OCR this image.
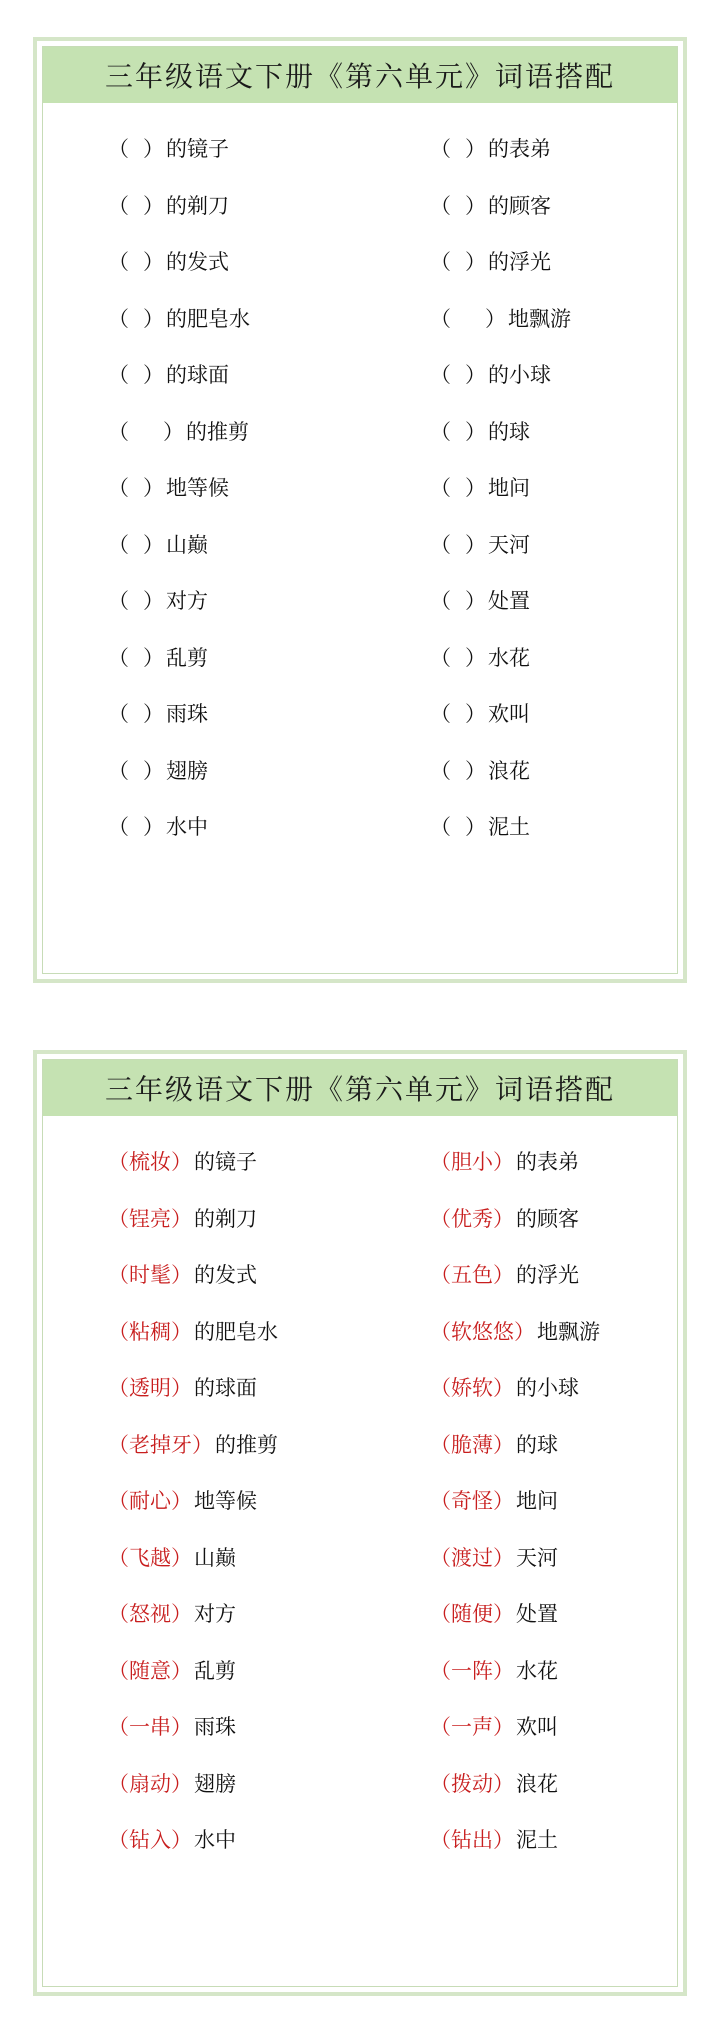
三年级语文下册《第六单元》词语搭配
（ ） 的镜子	（ ） 的表弟
（ ） 的剃刀	（ ） 的顾客
（ ） 的发式	（ ） 的浮光
（ ） 的肥皂水	（ ） 地飘游
（ ） 的球面	（ ） 的小球
（ ） 的推剪	（ ） 的球
（ ） 地等候	（ ） 地问
（ ） 山巅	（ ） 天河
（ ） 对方	（ ） 处置
（ ） 乱剪	（ ） 水花
（ ） 雨珠	（ ） 欢叫
（ ） 翅膀	（ ） 浪花
（ ） 水中	（ ） 泥土
三年级语文下册《第六单元》词语搭配
（ 梳妆 ） 的镜子	（ 胆小 ） 的表弟
（ 锃亮 ） 的剃刀	（ 优秀 ） 的顾客
（ 时髦 ） 的发式	（ 五色 ） 的浮光
（ 粘稠 ） 的肥皂水	（ 软悠悠 ） 地飘游
（ 透明 ） 的球面	（ 娇软 ） 的小球
（ 老掉牙 ） 的推剪	（ 脆薄 ） 的球
（ 耐心 ） 地等候	（ 奇怪 ） 地问
（ 飞越 ） 山巅	（ 渡过 ） 天河
（ 怒视 ） 对方	（ 随便 ） 处置
（ 随意 ） 乱剪	（ 一阵 ） 水花
（ 一串 ） 雨珠	（ 一声 ） 欢叫
（ 扇动 ） 翅膀	（ 拨动 ） 浪花
（ 钻入 ） 水中	（ 钻出 ） 泥土
